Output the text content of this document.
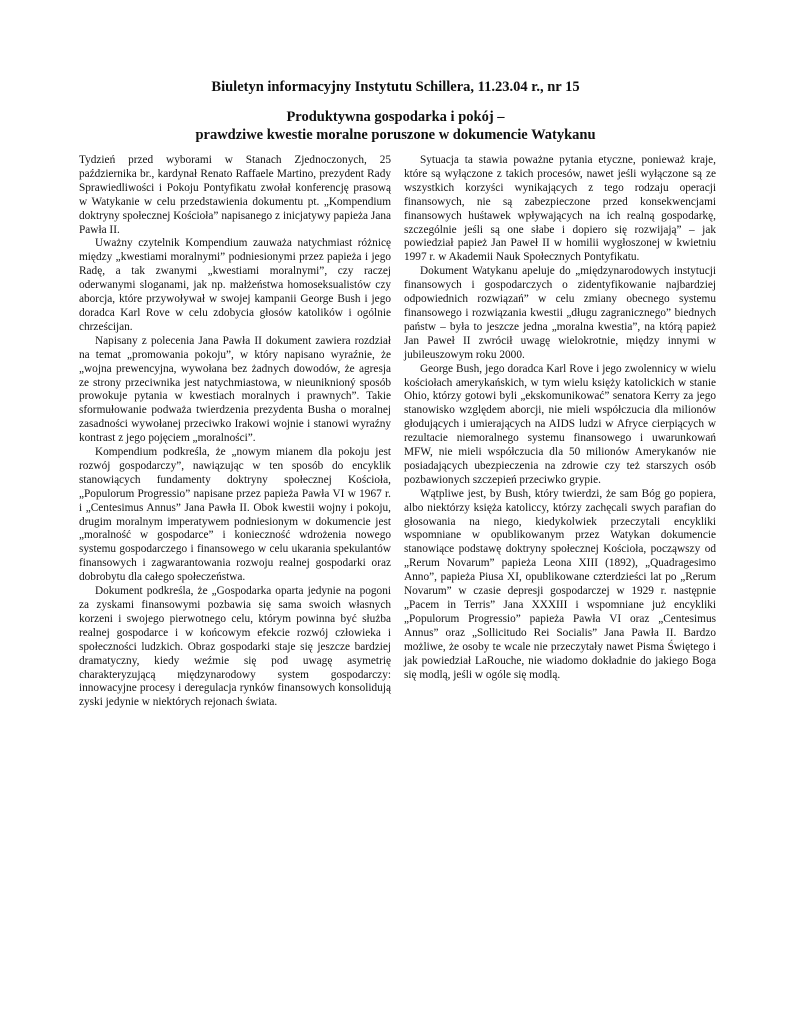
Biuletyn informacyjny Instytutu Schillera, 11.23.04 r., nr 15
Produktywna gospodarka i pokój –
prawdziwe kwestie moralne poruszone w dokumencie Watykanu

Tydzień przed wyborami w Stanach Zjednoczonych, 25 października br., kardynał Renato Raffaele Martino, prezydent Rady Sprawiedliwości i Pokoju Pontyfikatu zwołał konferencję prasową w Watykanie w celu przedstawienia dokumentu pt. „Kompendium doktryny społecznej Kościoła” napisanego z inicjatywy papieża Jana Pawła II.

Uważny czytelnik Kompendium zauważa natychmiast różnicę między „kwestiami moralnymi” podniesionymi przez papieża i jego Radę, a tak zwanymi „kwestiami moralnymi”, czy raczej oderwanymi sloganami, jak np. małżeństwa homoseksualistów czy aborcja, które przywoływał w swojej kampanii George Bush i jego doradca Karl Rove w celu zdobycia głosów katolików i ogólnie chrześcijan.

Napisany z polecenia Jana Pawła II dokument zawiera rozdział na temat „promowania pokoju”, w który napisano wyraźnie, że „wojna prewencyjna, wywołana bez żadnych dowodów, że agresja ze strony przeciwnika jest natychmiastowa, w nieuniknioný sposób prowokuje pytania w kwestiach moralnych i prawnych”. Takie sformułowanie podważa twierdzenia prezydenta Busha o moralnej zasadności wywołanej przeciwko Irakowi wojnie i stanowi wyraźny kontrast z jego pojęciem „moralności”.

Kompendium podkreśla, że „nowym mianem dla pokoju jest rozwój gospodarczy”, nawiązując w ten sposób do encyklik stanowiących fundamenty doktryny społecznej Kościoła, „Populorum Progressio” napisane przez papieża Pawła VI w 1967 r. i „Centesimus Annus” Jana Pawła II. Obok kwestii wojny i pokoju, drugim moralnym imperatywem podniesionym w dokumencie jest „moralność w gospodarce” i konieczność wdrożenia nowego systemu gospodarczego i finansowego w celu ukarania spekulantów finansowych i zagwarantowania rozwoju realnej gospodarki oraz dobrobytu dla całego społeczeństwa.

Dokument podkreśla, że „Gospodarka oparta jedynie na pogoni za zyskami finansowymi pozbawia się sama swoich własnych korzeni i swojego pierwotnego celu, którym powinna być służba realnej gospodarce i w końcowym efekcie rozwój człowieka i społeczności ludzkich. Obraz gospodarki staje się jeszcze bardziej dramatyczny, kiedy weźmie się pod uwagę asymetrię charakteryzującą międzynarodowy system gospodarczy: innowacyjne procesy i deregulacja rynków finansowych konsolidują zyski jedynie w niektórych rejonach świata.

Sytuacja ta stawia poważne pytania etyczne, ponieważ kraje, które są wyłączone z takich procesów, nawet jeśli wyłączone są ze wszystkich korzyści wynikających z tego rodzaju operacji finansowych, nie są zabezpieczone przed konsekwencjami finansowych huśtawek wpływających na ich realną gospodarkę, szczególnie jeśli są one słabe i dopiero się rozwijają” – jak powiedział papież Jan Paweł II w homilii wygłoszonej w kwietniu 1997 r. w Akademii Nauk Społecznych Pontyfikatu.

Dokument Watykanu apeluje do „międzynarodowych instytucji finansowych i gospodarczych o zidentyfikowanie najbardziej odpowiednich rozwiązań” w celu zmiany obecnego systemu finansowego i rozwiązania kwestii „długu zagranicznego” biednych państw – była to jeszcze jedna „moralna kwestia”, na którą papież Jan Paweł II zwrócił uwagę wielokrotnie, między innymi w jubileuszowym roku 2000.

George Bush, jego doradca Karl Rove i jego zwolennicy w wielu kościołach amerykańskich, w tym wielu księży katolickich w stanie Ohio, którzy gotowi byli „ekskomunikować” senatora Kerry za jego stanowisko względem aborcji, nie mieli współczucia dla milionów głodujących i umierających na AIDS ludzi w Afryce cierpiących w rezultacie niemoralnego systemu finansowego i uwarunkowań MFW, nie mieli współczucia dla 50 milionów Amerykanów nie posiadających ubezpieczenia na zdrowie czy też starszych osób pozbawionych szczepień przeciwko grypie.

Wątpliwe jest, by Bush, który twierdzi, że sam Bóg go popiera, albo niektórzy księża katoliccy, którzy zachęcali swych parafian do głosowania na niego, kiedykolwiek przeczytali encykliki wspomniane w opublikowanym przez Watykan dokumencie stanowiące podstawę doktryny społecznej Kościoła, począwszy od „Rerum Novarum” papieża Leona XIII (1892), „Quadragesimo Anno”, papieża Piusa XI, opublikowane czterdzieści lat po „Rerum Novarum” w czasie depresji gospodarczej w 1929 r. następnie „Pacem in Terris” Jana XXXIII i wspomniane już encykliki „Populorum Progressio” papieża Pawła VI oraz „Centesimus Annus” oraz „Sollicitudo Rei Socialis” Jana Pawła II. Bardzo możliwe, że osoby te wcale nie przeczytały nawet Pisma Świętego i jak powiedział LaRouche, nie wiadomo dokładnie do jakiego Boga się modlą, jeśli w ogóle się modlą.
